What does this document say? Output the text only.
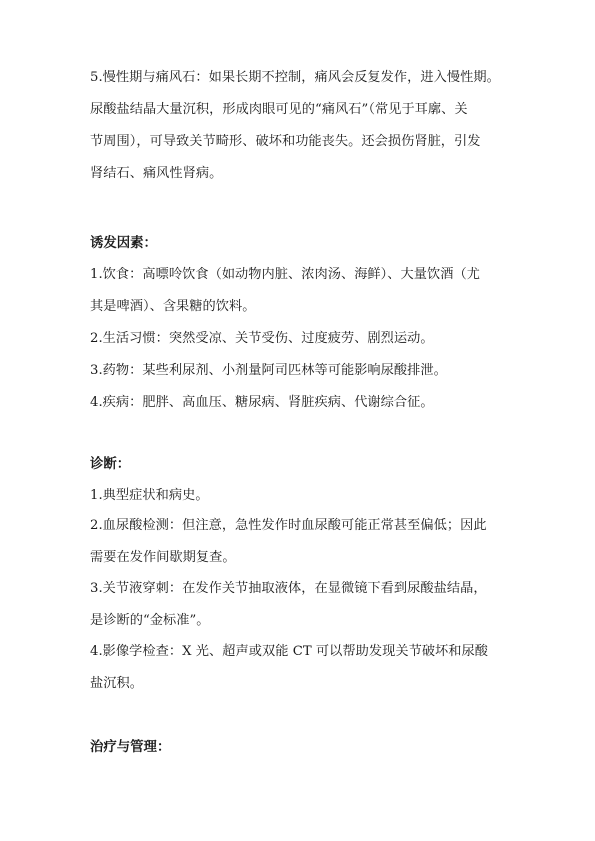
5.慢性期与痛风石：如果长期不控制，痛风会反复发作，进入慢性期。
尿酸盐结晶大量沉积，形成肉眼可见的“痛风石”（常见于耳廓、关
节周围），可导致关节畸形、破坏和功能丧失。还会损伤肾脏，引发
肾结石、痛风性肾病。
诱发因素：
1.饮食：高嘌呤饮食（如动物内脏、浓肉汤、海鲜）、大量饮酒（尤
其是啤酒）、含果糖的饮料。
2.生活习惯：突然受凉、关节受伤、过度疲劳、剧烈运动。
3.药物：某些利尿剂、小剂量阿司匹林等可能影响尿酸排泄。
4.疾病：肥胖、高血压、糖尿病、肾脏疾病、代谢综合征。
诊断：
1.典型症状和病史。
2.血尿酸检测：但注意，急性发作时血尿酸可能正常甚至偏低；因此
需要在发作间歇期复查。
3.关节液穿刺：在发作关节抽取液体，在显微镜下看到尿酸盐结晶，
是诊断的“金标准”。
4.影像学检查：X 光、超声或双能 CT 可以帮助发现关节破坏和尿酸
盐沉积。
治疗与管理：
